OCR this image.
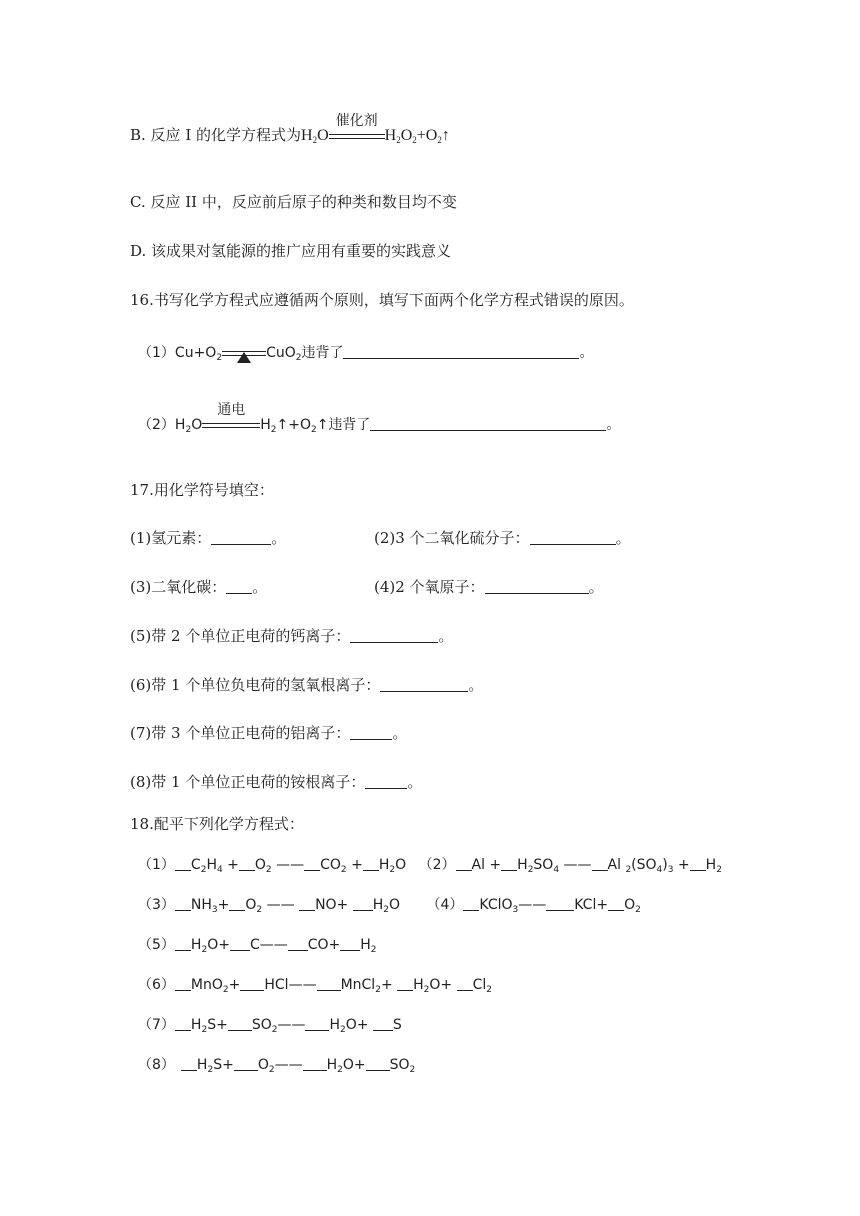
B. 反应 I 的化学方程式为$H_2O$
催化剂
$H_2O_2+O_2↑$
C. 反应 II 中，反应前后原子的种类和数目均不变
D. 该成果对氢能源的推广应用有重要的实践意义
16.书写化学方程式应遵循两个原则，填写下面两个化学方程式错误的原因。
$(1)Cu+O_2$	CuO$_2$违背了	。
$(2)H_2O$
通电
$H_2↑+O_2↑$违背了	。
17.用化学符号填空：
(1)氢元素：	。	(2)3 个二氧化硫分子：	。
(3)二氧化碳： 。	(4)2 个氧原子：	。
(5)带 2 个单位正电荷的钙离子：	。
(6)带 1 个单位负电荷的氢氧根离子：	。
(7)带 3 个单位正电荷的铝离子：	。
(8)带 1 个单位正电荷的铵根离子：	。
18.配平下列化学方程式：
（1） $C_2H_4 + O_2$ —— $CO_2 + H_2O$ （2） $Al + H_2SO_4$ —— Al $_2(SO_4)_3 + H_2$
（3） $NH_3+ O_2$ —— $NO+ H_2O$ （4） KClO$_3$—— $KCl+ O_2$
（5） $H_2O+$ C—— $CO+ H_2$
（6） MnO$_2$+ HCl—— MnCl$_2$+ $H_2O+ Cl_2$
（7） $H_2S+$ $SO_2——$ $H_2O+ S$
（8） $H_2S+$ $O_2——$ $H_2O+ SO_2$
